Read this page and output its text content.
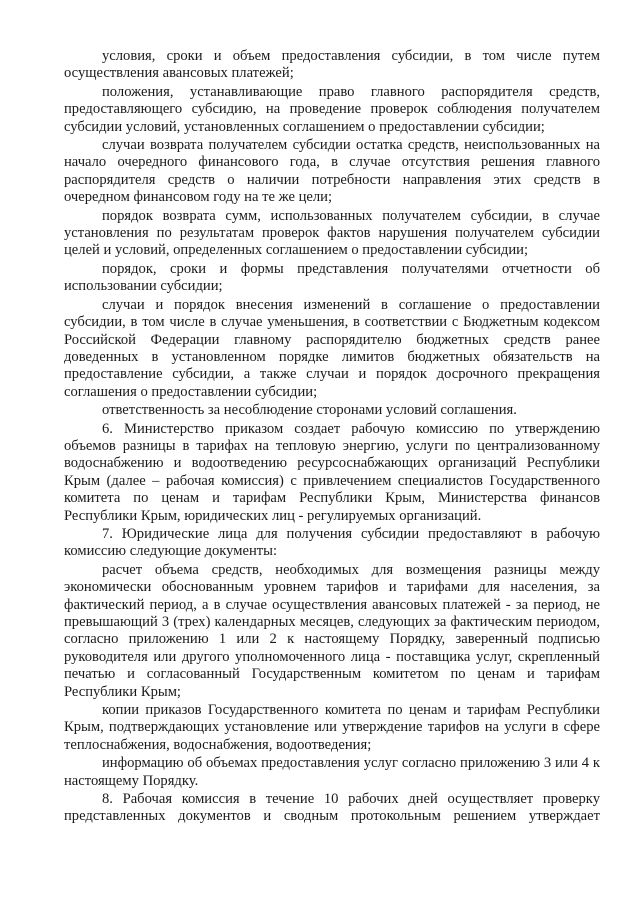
условия, сроки и объем предоставления субсидии, в том числе путем осуществления авансовых платежей;

положения, устанавливающие право главного распорядителя средств, предоставляющего субсидию, на проведение проверок соблюдения получателем субсидии условий, установленных соглашением о предоставлении субсидии;

случаи возврата получателем субсидии остатка средств, неиспользованных на начало очередного финансового года, в случае отсутствия решения главного распорядителя средств о наличии потребности направления этих средств в очередном финансовом году на те же цели;

порядок возврата сумм, использованных получателем субсидии, в случае установления по результатам проверок фактов нарушения получателем субсидии целей и условий, определенных соглашением о предоставлении субсидии;

порядок, сроки и формы представления получателями отчетности об использовании субсидии;

случаи и порядок внесения изменений в соглашение о предоставлении субсидии, в том числе в случае уменьшения, в соответствии с Бюджетным кодексом Российской Федерации главному распорядителю бюджетных средств ранее доведенных в установленном порядке лимитов бюджетных обязательств на предоставление субсидии, а также случаи и порядок досрочного прекращения соглашения о предоставлении субсидии;

ответственность за несоблюдение сторонами условий соглашения.

6. Министерство приказом создает рабочую комиссию по утверждению объемов разницы в тарифах на тепловую энергию, услуги по централизованному водоснабжению и водоотведению ресурсоснабжающих организаций Республики Крым (далее – рабочая комиссия) с привлечением специалистов Государственного комитета по ценам и тарифам Республики Крым, Министерства финансов Республики Крым, юридических лиц - регулируемых организаций.

7. Юридические лица для получения субсидии предоставляют в рабочую комиссию следующие документы:

расчет объема средств, необходимых для возмещения разницы между экономически обоснованным уровнем тарифов и тарифами для населения, за фактический период, а в случае осуществления авансовых платежей - за период, не превышающий 3 (трех) календарных месяцев, следующих за фактическим периодом, согласно приложению 1 или 2 к настоящему Порядку, заверенный подписью руководителя или другого уполномоченного лица - поставщика услуг, скрепленный печатью и согласованный Государственным комитетом по ценам и тарифам Республики Крым;

копии приказов Государственного комитета по ценам и тарифам Республики Крым, подтверждающих установление или утверждение тарифов на услуги в сфере теплоснабжения, водоснабжения, водоотведения;

информацию об объемах предоставления услуг согласно приложению 3 или 4 к настоящему Порядку.

8. Рабочая комиссия в течение 10 рабочих дней осуществляет проверку представленных документов и сводным протокольным решением утверждает
